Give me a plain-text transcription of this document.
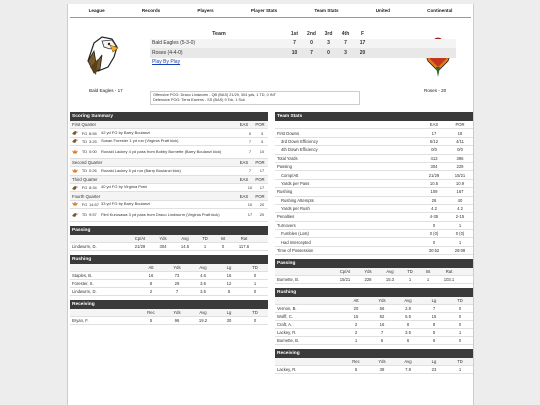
League	Records	Players	Player Stats	Team Stats	United	Continental
Bald Eagles - 17	Roses - 20
Team	1st	2nd	3rd	4th	F
Bald Eagles (5-3-0)	7	0	3	7	17
Roses (4-4-0)	10	7	0	3	20
Play By Play
Offensive POG: Draco Lindwurm - QB (BAS) 21/29, 304 yds, 1 TD, 0 INT
Defensive POG: Terra Eavens - SS (BAS) 9 Tck, 1 Sck
Scoring Summary
First Quarter	EAS	POR
FG 8:55	42 yd FG by Barry Boulanzi	0	3
TD 3:25	Susan Forester 1 yd run (Virginia Pratt kick)	7	3
TD 0:00	Ronald Lackey 4 yd pass from Bobby Burnette (Barry Boulanzi kick)	7	10
Second Quarter	EAS	POR
TD 0:26	Ronald Lackey 5 yd run (Barry Boulanzi kick)	7	17
Third Quarter	EAS	POR
FG 8:34	40 yd FG by Virginia Pratt	10	17
Fourth Quarter	EAS	POR
FG 14:57 33 yd FG by Barry Boulanzi	10	20
TD 9:57	Flint Kurosawa 3 yd pass from Draco Lindwurm (Virginia Pratt kick)	17	20
Passing
Cp/At	Yds	Avg	TD	Int	Rat
Lindwurm, D.	21/29	304	14.5	1	0	117.6
Rushing
Att	Yds	Avg	Lg	TD
Staples, B.	16	73	4.6	16	0
Forester, S.	8	29	3.6	12	1
Lindwurm, D.	2	7	3.5	8	0
Receiving
Rec	Yds	Avg	Lg	TD
Bryan, F.	5	96	19.2	30	0
Team Stats
EAS	POR
First Downs	17	18
3rd Down Efficiency	5/12	4/11
4th Down Efficiency	0/0	0/0
Total Yards	413	396
Passing	304	229
Comp/Att	21/29	15/21
Yards per Pass	10.5	10.9
Rushing	109	167
Rushing Attempts	26	40
Yards per Rush	4.2	4.2
Penalties	4-35	2-15
Turnovers	0	1
Fumbles (Lost)	0 (0)	0 (0)
Had Intercepted	0	1
Time of Possession	30:52	29:08
Passing
Cp/At	Yds	Avg	TD	Int	Rat
Burnette, B.	15/21	228	15.3	1	1	103.1
Rushing
Att	Yds	Avg	Lg	TD
Vernon, B.	20	56	2.8	7	0
Wolff, C.	15	82	5.5	15	0
Craft, A.	2	16	8	8	0
Lackey, R.	2	7	3.5	5	1
Burnette, B.	1	6	6	6	0
Receiving
Rec	Yds	Avg	Lg	TD
Lackey, R.	5	39	7.8	23	1
